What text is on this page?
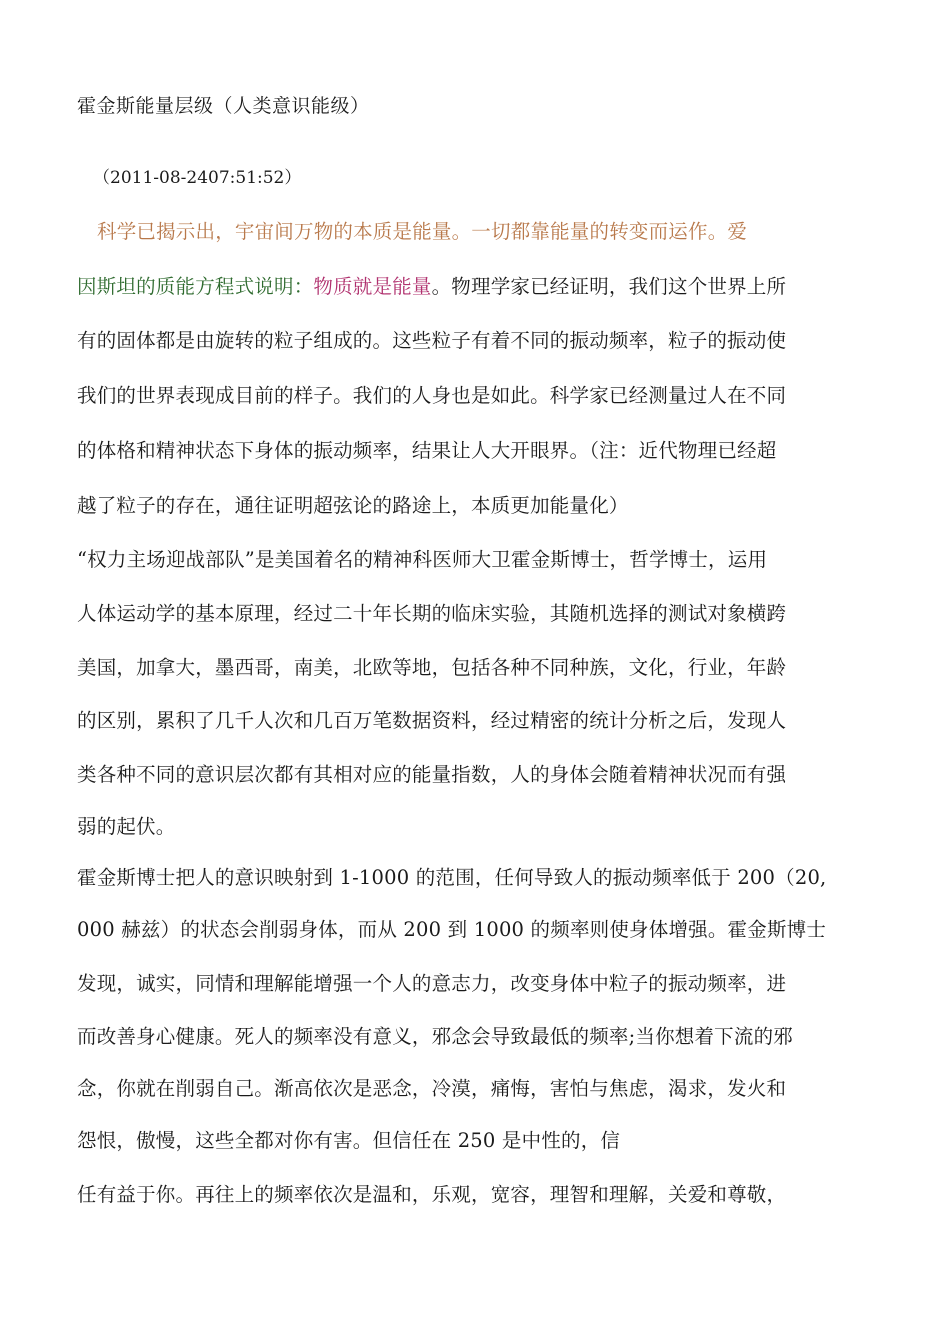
霍金斯能量层级（人类意识能级）
（2011-08-2407:51:52）
科学已揭示出，宇宙间万物的本质是能量。一切都靠能量的转变而运作。爱
因斯坦的质能方程式说明：物质就是能量。物理学家已经证明，我们这个世界上所
有的固体都是由旋转的粒子组成的。这些粒子有着不同的振动频率，粒子的振动使
我们的世界表现成目前的样子。我们的人身也是如此。科学家已经测量过人在不同
的体格和精神状态下身体的振动频率，结果让人大开眼界。（注：近代物理已经超
越了粒子的存在，通往证明超弦论的路途上，本质更加能量化）
“权力主场迎战部队”是美国着名的精神科医师大卫霍金斯博士，哲学博士，运用
人体运动学的基本原理，经过二十年长期的临床实验，其随机选择的测试对象横跨
美国，加拿大，墨西哥，南美，北欧等地，包括各种不同种族，文化，行业，年龄
的区别，累积了几千人次和几百万笔数据资料，经过精密的统计分析之后，发现人
类各种不同的意识层次都有其相对应的能量指数，人的身体会随着精神状况而有强
弱的起伏。
霍金斯博士把人的意识映射到 1-1000 的范围，任何导致人的振动频率低于 200（20,
000 赫兹）的状态会削弱身体，而从 200 到 1000 的频率则使身体增强。霍金斯博士
发现，诚实，同情和理解能增强一个人的意志力，改变身体中粒子的振动频率，进
而改善身心健康。死人的频率没有意义，邪念会导致最低的频率;当你想着下流的邪
念，你就在削弱自己。渐高依次是恶念，冷漠，痛悔，害怕与焦虑，渴求，发火和
怨恨，傲慢，这些全都对你有害。但信任在 250 是中性的，信
任有益于你。再往上的频率依次是温和，乐观，宽容，理智和理解，关爱和尊敬，
